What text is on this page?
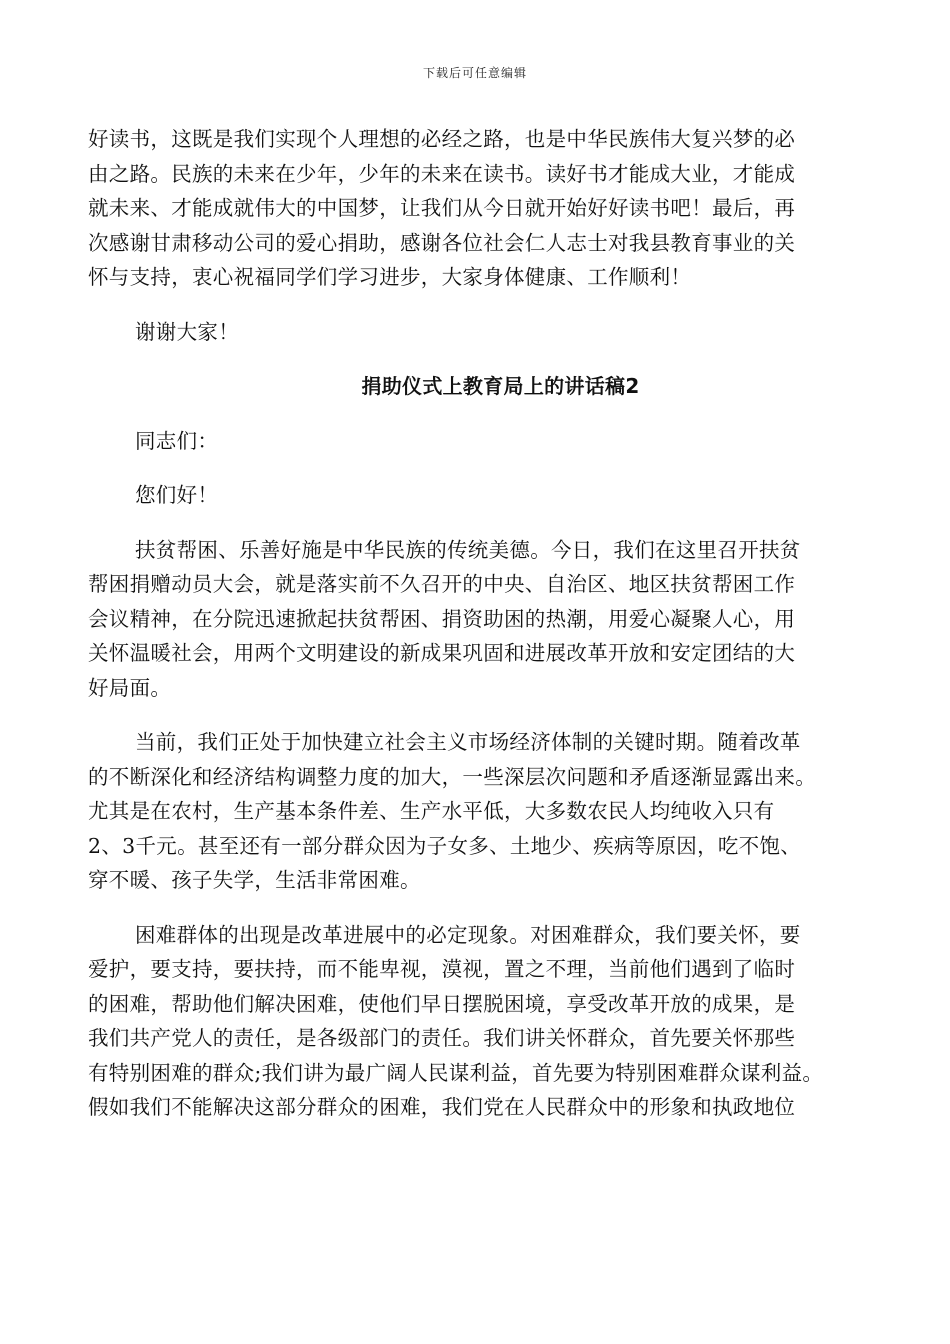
下载后可任意编辑
好读书，这既是我们实现个人理想的必经之路，也是中华民族伟大复兴梦的必
由之路。民族的未来在少年，少年的未来在读书。读好书才能成大业，才能成
就未来、才能成就伟大的中国梦，让我们从今日就开始好好读书吧！最后，再
次感谢甘肃移动公司的爱心捐助，感谢各位社会仁人志士对我县教育事业的关
怀与支持，衷心祝福同学们学习进步，大家身体健康、工作顺利！
谢谢大家！
捐助仪式上教育局上的讲话稿2
同志们：
您们好！
扶贫帮困、乐善好施是中华民族的传统美德。今日，我们在这里召开扶贫
帮困捐赠动员大会，就是落实前不久召开的中央、自治区、地区扶贫帮困工作
会议精神，在分院迅速掀起扶贫帮困、捐资助困的热潮，用爱心凝聚人心，用
关怀温暖社会，用两个文明建设的新成果巩固和进展改革开放和安定团结的大
好局面。
当前，我们正处于加快建立社会主义市场经济体制的关键时期。随着改革
的不断深化和经济结构调整力度的加大，一些深层次问题和矛盾逐渐显露出来。
尤其是在农村，生产基本条件差、生产水平低，大多数农民人均纯收入只有
2、3千元。甚至还有一部分群众因为子女多、土地少、疾病等原因，吃不饱、
穿不暖、孩子失学，生活非常困难。
困难群体的出现是改革进展中的必定现象。对困难群众，我们要关怀，要
爱护，要支持，要扶持，而不能卑视，漠视，置之不理，当前他们遇到了临时
的困难，帮助他们解决困难，使他们早日摆脱困境，享受改革开放的成果，是
我们共产党人的责任，是各级部门的责任。我们讲关怀群众，首先要关怀那些
有特别困难的群众;我们讲为最广阔人民谋利益，首先要为特别困难群众谋利益。
假如我们不能解决这部分群众的困难，我们党在人民群众中的形象和执政地位
